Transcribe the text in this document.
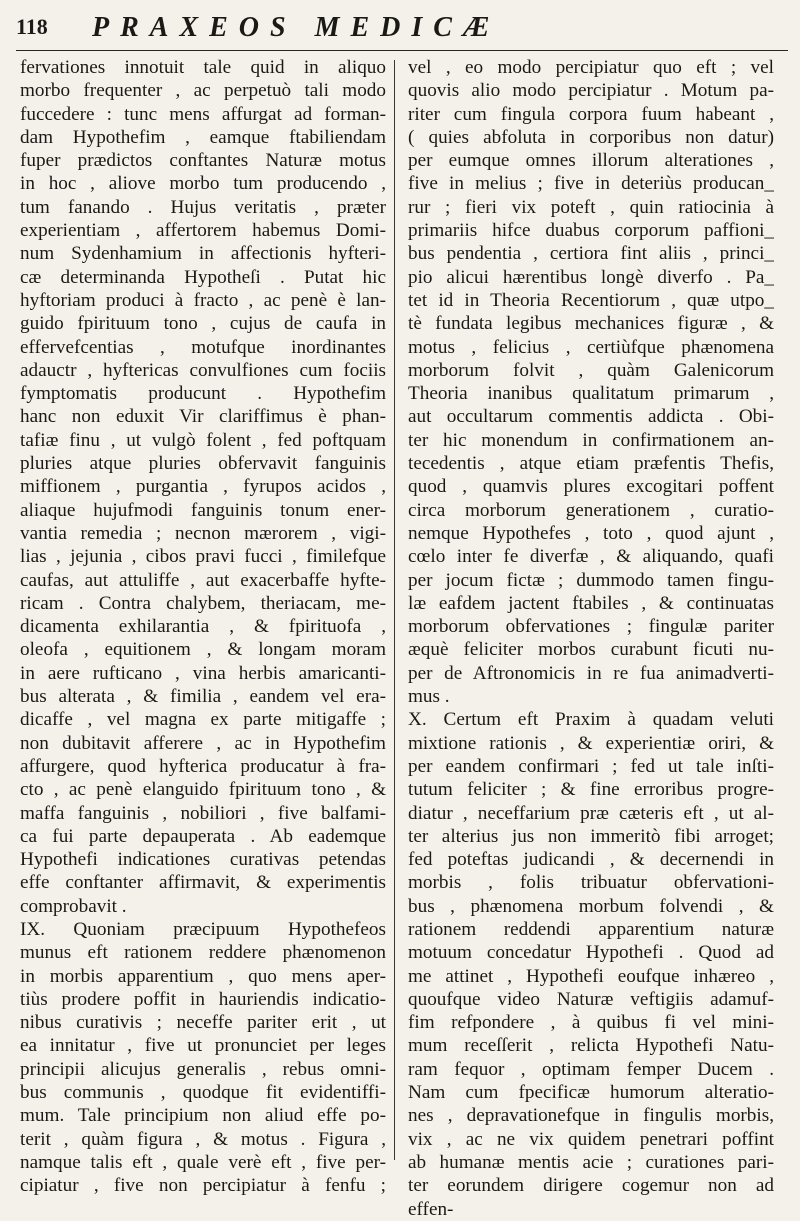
118 PRAXEOS MEDICÆ
fervationes innotuit tale quid in aliquo
morbo frequenter , ac perpetuò tali modo
fuccedere : tunc mens affurgat ad forman-
dam Hypothefim , eamque ftabiliendam
fuper prædictos conftantes Naturæ motus
in hoc , aliove morbo tum producendo ,
tum fanando . Hujus veritatis , præter
experientiam , affertorem habemus Domi-
num Sydenhamium in affectionis hyfteri-
cæ determinanda Hypotheſi . Putat hic
hyftoriam produci à fracto , ac penè è lan-
guido fpirituum tono , cujus de caufa in
effervefcentias , motufque inordinantes
adauctr , hyftericas convulfiones cum fociis
fymptomatis producunt . Hypothefim
hanc non eduxit Vir clariffimus è phan-
tafiæ finu , ut vulgò folent , fed poftquam
pluries atque pluries obfervavit fanguinis
miffionem , purgantia , fyrupos acidos ,
aliaque hujufmodi fanguinis tonum ener-
vantia remedia ; necnon mærorem , vigi-
lias , jejunia , cibos pravi fucci , fimilefque
caufas, aut attuliffe , aut exacerbaffe hyfte-
ricam . Contra chalybem, theriacam, me-
dicamenta exhilarantia , & fpirituofa ,
oleofa , equitionem , & longam moram
in aere rufticano , vina herbis amaricanti-
bus alterata , & fimilia , eandem vel era-
dicaffe , vel magna ex parte mitigaffe ;
non dubitavit afferere , ac in Hypothefim
affurgere, quod hyfterica producatur à fra-
cto , ac penè elanguido fpirituum tono , &
maffa fanguinis , nobiliori , five balfami-
ca fui parte depauperata . Ab eademque
Hypothefi indicationes curativas petendas
effe conftanter affirmavit, & experimentis
comprobavit .
IX. Quoniam præcipuum Hypothefeos
munus eft rationem reddere phænomenon
in morbis apparentium , quo mens aper-
tiùs prodere poffit in hauriendis indicatio-
nibus curativis ; neceffe pariter erit , ut
ea innitatur , five ut pronunciet per leges
principii alicujus generalis , rebus omni-
bus communis , quodque fit evidentiffi-
mum. Tale principium non aliud effe po-
terit , quàm figura , & motus . Figura ,
namque talis eft , quale verè eft , five per-
cipiatur , five non percipiatur à fenfu ;
vel , eo modo percipiatur quo eft ; vel
quovis alio modo percipiatur . Motum pa-
riter cum fingula corpora fuum habeant ,
( quies abfoluta in corporibus non datur)
per eumque omnes illorum alterationes ,
five in melius ; five in deteriùs producan_
rur ; fieri vix poteft , quin ratiocinia à
primariis hifce duabus corporum paffioni_
bus pendentia , certiora fint aliis , princi_
pio alicui hærentibus longè diverfo . Pa_
tet id in Theoria Recentiorum , quæ utpo_
tè fundata legibus mechanices figuræ , &
motus , felicius , certiùfque phænomena
morborum folvit , quàm Galenicorum
Theoria inanibus qualitatum primarum ,
aut occultarum commentis addicta . Obi-
ter hic monendum in confirmationem an-
tecedentis , atque etiam præfentis Thefis,
quod , quamvis plures excogitari poffent
circa morborum generationem , curatio-
nemque Hypothefes , toto , quod ajunt ,
cœlo inter fe diverfæ , & aliquando, quafi
per jocum fictæ ; dummodo tamen fingu-
læ eafdem jactent ftabiles , & continuatas
morborum obfervationes ; fingulæ pariter
æquè feliciter morbos curabunt ficuti nu-
per de Aftronomicis in re fua animadverti-
mus .
X. Certum eft Praxim à quadam veluti
mixtione rationis , & experientiæ oriri, &
per eandem confirmari ; fed ut tale inſti-
tutum feliciter ; & fine erroribus progre-
diatur , neceffarium præ cæteris eft , ut al-
ter alterius jus non immeritò fibi arroget;
fed poteftas judicandi , & decernendi in
morbis , folis tribuatur obfervationi-
bus , phænomena morbum folvendi , &
rationem reddendi apparentium naturæ
motuum concedatur Hypothefi . Quod ad
me attinet , Hypothefi eoufque inhæreo ,
quoufque video Naturæ veftigiis adamuf-
fim refpondere , à quibus fi vel mini-
mum receſſerit , relicta Hypothefi Natu-
ram fequor , optimam femper Ducem .
Nam cum fpecificæ humorum alteratio-
nes , depravationefque in fingulis morbis,
vix , ac ne vix quidem penetrari poffint
ab humanæ mentis acie ; curationes pari-
ter eorundem dirigere cogemur non ad
effen-
